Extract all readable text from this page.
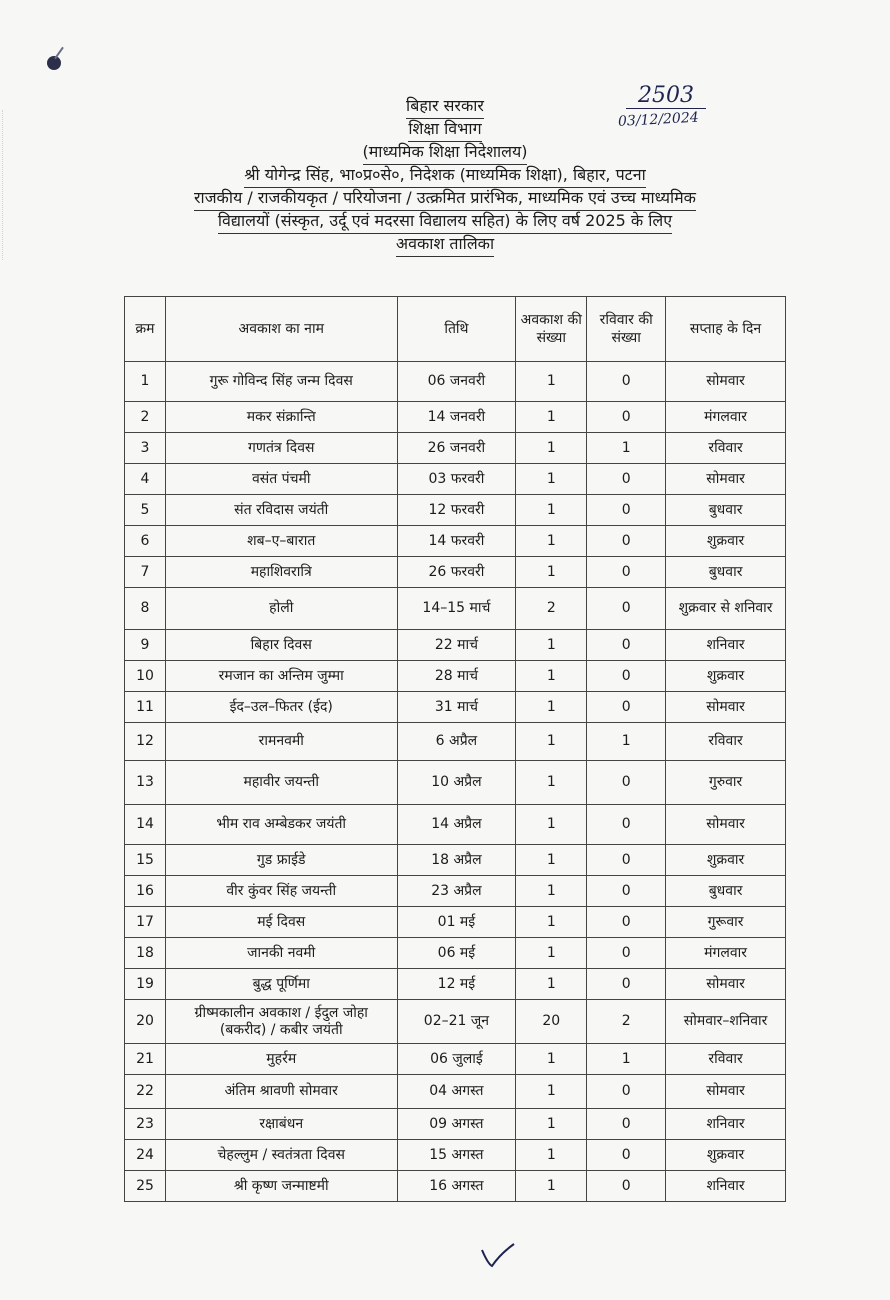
2503
03/12/2024
बिहार सरकार
शिक्षा विभाग
(माध्यमिक शिक्षा निदेशालय)
श्री योगेन्द्र सिंह, भा०प्र०से०, निदेशक (माध्यमिक शिक्षा), बिहार, पटना
राजकीय / राजकीयकृत / परियोजना / उत्क्रमित प्रारंभिक, माध्यमिक एवं उच्च माध्यमिक
विद्यालयों (संस्कृत, उर्दू एवं मदरसा विद्यालय सहित) के लिए वर्ष 2025 के लिए
अवकाश तालिका
क्रम	अवकाश का नाम	तिथि	अवकाश की संख्या	रविवार की संख्या	सप्ताह के दिन
1	गुरू गोविन्द सिंह जन्म दिवस	06 जनवरी	1	0	सोमवार
2	मकर संक्रान्ति	14 जनवरी	1	0	मंगलवार
3	गणतंत्र दिवस	26 जनवरी	1	1	रविवार
4	वसंत पंचमी	03 फरवरी	1	0	सोमवार
5	संत रविदास जयंती	12 फरवरी	1	0	बुधवार
6	शब–ए–बारात	14 फरवरी	1	0	शुक्रवार
7	महाशिवरात्रि	26 फरवरी	1	0	बुधवार
8	होली	14–15 मार्च	2	0	शुक्रवार से शनिवार
9	बिहार दिवस	22 मार्च	1	0	शनिवार
10	रमजान का अन्तिम जुम्मा	28 मार्च	1	0	शुक्रवार
11	ईद–उल–फितर (ईद)	31 मार्च	1	0	सोमवार
12	रामनवमी	6 अप्रैल	1	1	रविवार
13	महावीर जयन्ती	10 अप्रैल	1	0	गुरुवार
14	भीम राव अम्बेडकर जयंती	14 अप्रैल	1	0	सोमवार
15	गुड फ्राईडे	18 अप्रैल	1	0	शुक्रवार
16	वीर कुंवर सिंह जयन्ती	23 अप्रैल	1	0	बुधवार
17	मई दिवस	01 मई	1	0	गुरूवार
18	जानकी नवमी	06 मई	1	0	मंगलवार
19	बुद्ध पूर्णिमा	12 मई	1	0	सोमवार
20	ग्रीष्मकालीन अवकाश / ईदुल जोहा (बकरीद) / कबीर जयंती	02–21 जून	20	2	सोमवार–शनिवार
21	मुहर्रम	06 जुलाई	1	1	रविवार
22	अंतिम श्रावणी सोमवार	04 अगस्त	1	0	सोमवार
23	रक्षाबंधन	09 अगस्त	1	0	शनिवार
24	चेहल्लुम / स्वतंत्रता दिवस	15 अगस्त	1	0	शुक्रवार
25	श्री कृष्ण जन्माष्टमी	16 अगस्त	1	0	शनिवार
